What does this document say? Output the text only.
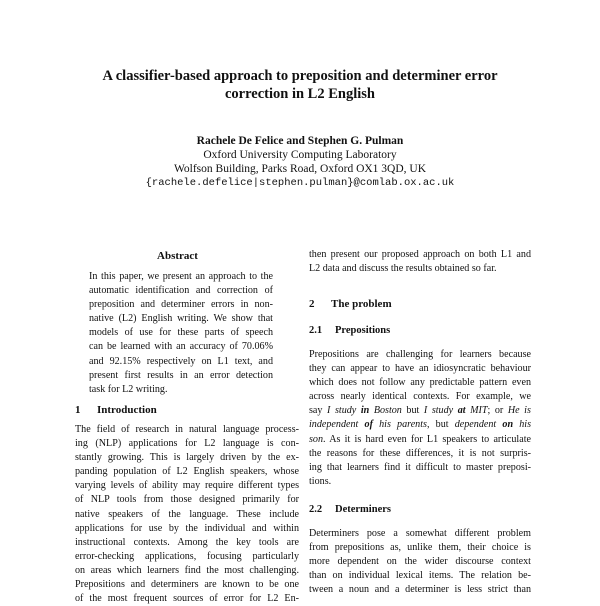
A classifier-based approach to preposition and determiner error
correction in L2 English
Rachele De Felice and Stephen G. Pulman
Oxford University Computing Laboratory
Wolfson Building, Parks Road, Oxford OX1 3QD, UK
{rachele.defelice|stephen.pulman}@comlab.ox.ac.uk
Abstract
In this paper, we present an approach to the
automatic identification and correction of
preposition and determiner errors in non-
native (L2) English writing. We show that
models of use for these parts of speech
can be learned with an accuracy of 70.06%
and 92.15% respectively on L1 text, and
present first results in an error detection
task for L2 writing.
1 Introduction
The field of research in natural language process-
ing (NLP) applications for L2 language is con-
stantly growing. This is largely driven by the ex-
panding population of L2 English speakers, whose
varying levels of ability may require different types
of NLP tools from those designed primarily for
native speakers of the language. These include
applications for use by the individual and within
instructional contexts. Among the key tools are
error-checking applications, focusing particularly
on areas which learners find the most challenging.
Prepositions and determiners are known to be one
of the most frequent sources of error for L2 En-
then present our proposed approach on both L1 and
L2 data and discuss the results obtained so far.
2 The problem
2.1 Prepositions
Prepositions are challenging for learners because
they can appear to have an idiosyncratic behaviour
which does not follow any predictable pattern even
across nearly identical contexts. For example, we
say I study in Boston but I study at MIT; or He is
independent of his parents, but dependent on his
son. As it is hard even for L1 speakers to articulate
the reasons for these differences, it is not surpris-
ing that learners find it difficult to master preposi-
tions.
2.2 Determiners
Determiners pose a somewhat different problem
from prepositions as, unlike them, their choice is
more dependent on the wider discourse context
than on individual lexical items. The relation be-
tween a noun and a determiner is less strict than
